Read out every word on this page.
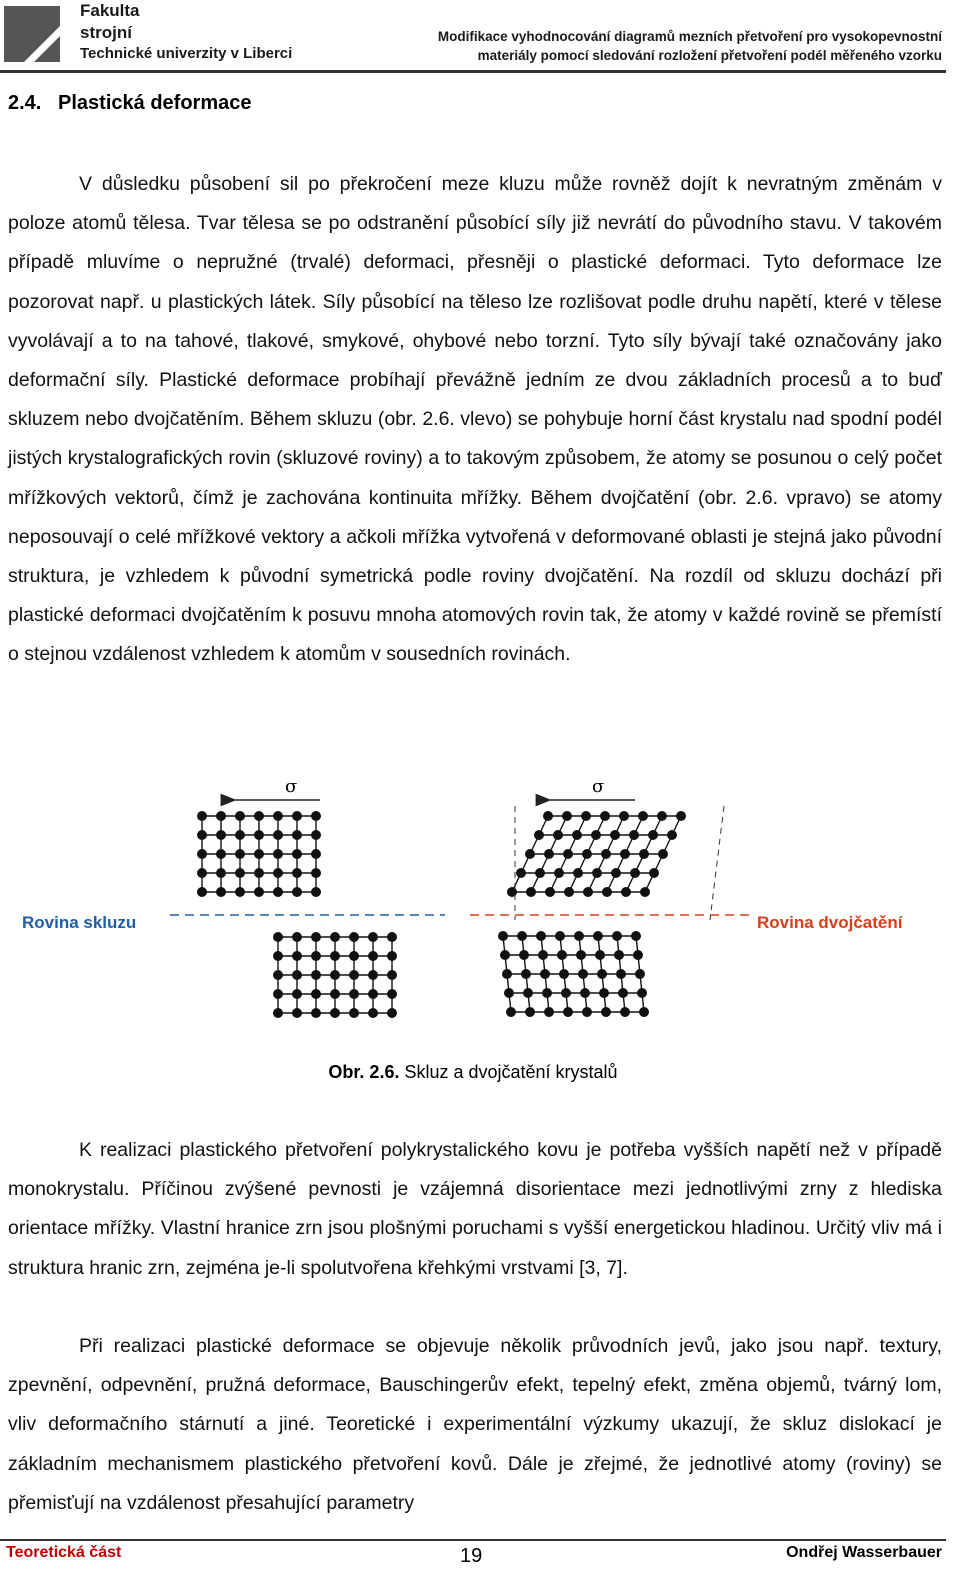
Fakulta
strojní
Technické univerzity v Liberci
Modifikace vyhodnocování diagramů mezních přetvoření pro vysokopevnostní
materiály pomocí sledování rozložení přetvoření podél měřeného vzorku
2.4.   Plastická deformace
V důsledku působení sil po překročení meze kluzu může rovněž dojít k nevratným změnám v poloze atomů tělesa. Tvar tělesa se po odstranění působící síly již nevrátí do původního stavu. V takovém případě mluvíme o nepružné (trvalé) deformaci, přesněji o plastické deformaci. Tyto deformace lze pozorovat např. u plastických látek. Síly působící na těleso lze rozlišovat podle druhu napětí, které v tělese vyvolávají a to na tahové, tlakové, smykové, ohybové nebo torzní. Tyto síly bývají také označovány jako deformační síly. Plastické deformace probíhají převážně jedním ze dvou základních procesů a to buď skluzem nebo dvojčatěním. Během skluzu (obr. 2.6. vlevo) se pohybuje horní část krystalu nad spodní podél jistých krystalografických rovin (skluzové roviny) a to takovým způsobem, že atomy se posunou o celý počet mřížkových vektorů, čímž je zachována kontinuita mřížky. Během dvojčatění (obr. 2.6. vpravo) se atomy neposouvají o celé mřížkové vektory a ačkoli mřížka vytvořená v deformované oblasti je stejná jako původní struktura, je vzhledem k původní symetrická podle roviny dvojčatění. Na rozdíl od skluzu dochází při plastické deformaci dvojčatěním k posuvu mnoha atomových rovin tak, že atomy v každé rovině se přemístí o stejnou vzdálenost vzhledem k atomům v sousedních rovinách.
σ	σ
Rovina skluzu	Rovina dvojčatění
Obr. 2.6. Skluz a dvojčatění krystalů
K realizaci plastického přetvoření polykrystalického kovu je potřeba vyšších napětí než v případě monokrystalu. Příčinou zvýšené pevnosti je vzájemná disorientace mezi jednotlivými zrny z hlediska orientace mřížky. Vlastní hranice zrn jsou plošnými poruchami s vyšší energetickou hladinou. Určitý vliv má i struktura hranic zrn, zejména je-li spolutvořena křehkými vrstvami [3, 7].
Při realizaci plastické deformace se objevuje několik průvodních jevů, jako jsou např. textury, zpevnění, odpevnění, pružná deformace, Bauschingerův efekt, tepelný efekt, změna objemů, tvárný lom, vliv deformačního stárnutí a jiné. Teoretické i experimentální výzkumy ukazují, že skluz dislokací je základním mechanismem plastického přetvoření kovů. Dále je zřejmé, že jednotlivé atomy (roviny) se přemisťují na vzdálenost přesahující parametry
Teoretická část	19	Ondřej Wasserbauer
